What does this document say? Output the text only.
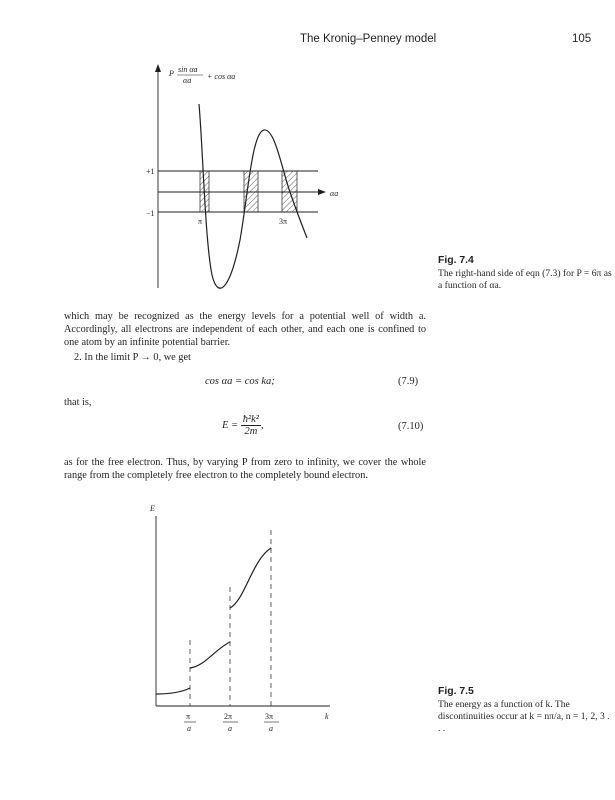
The Kronig–Penney model	105
P sin αa
αa + cos αa
+1
−1
π	3π
αa
E
k
π
a
2π
a
3π
a
Fig. 7.4
The right-hand side of eqn (7.3) for P = 6π as a function of αa.
Fig. 7.5
The energy as a function of k. The discontinuities occur at k = nπ/a, n = 1, 2, 3 . . .
which may be recognized as the energy levels for a potential well of width a. Accordingly, all electrons are independent of each other, and each one is confined to one atom by an infinite potential barrier.
2. In the limit P → 0, we get
cos αa = cos ka;	(7.9)
that is,
$E = \frac{\text{ħ²k²}}{2m}$ ,	(7.10)
as for the free electron. Thus, by varying P from zero to infinity, we cover the whole range from the completely free electron to the completely bound electron.
